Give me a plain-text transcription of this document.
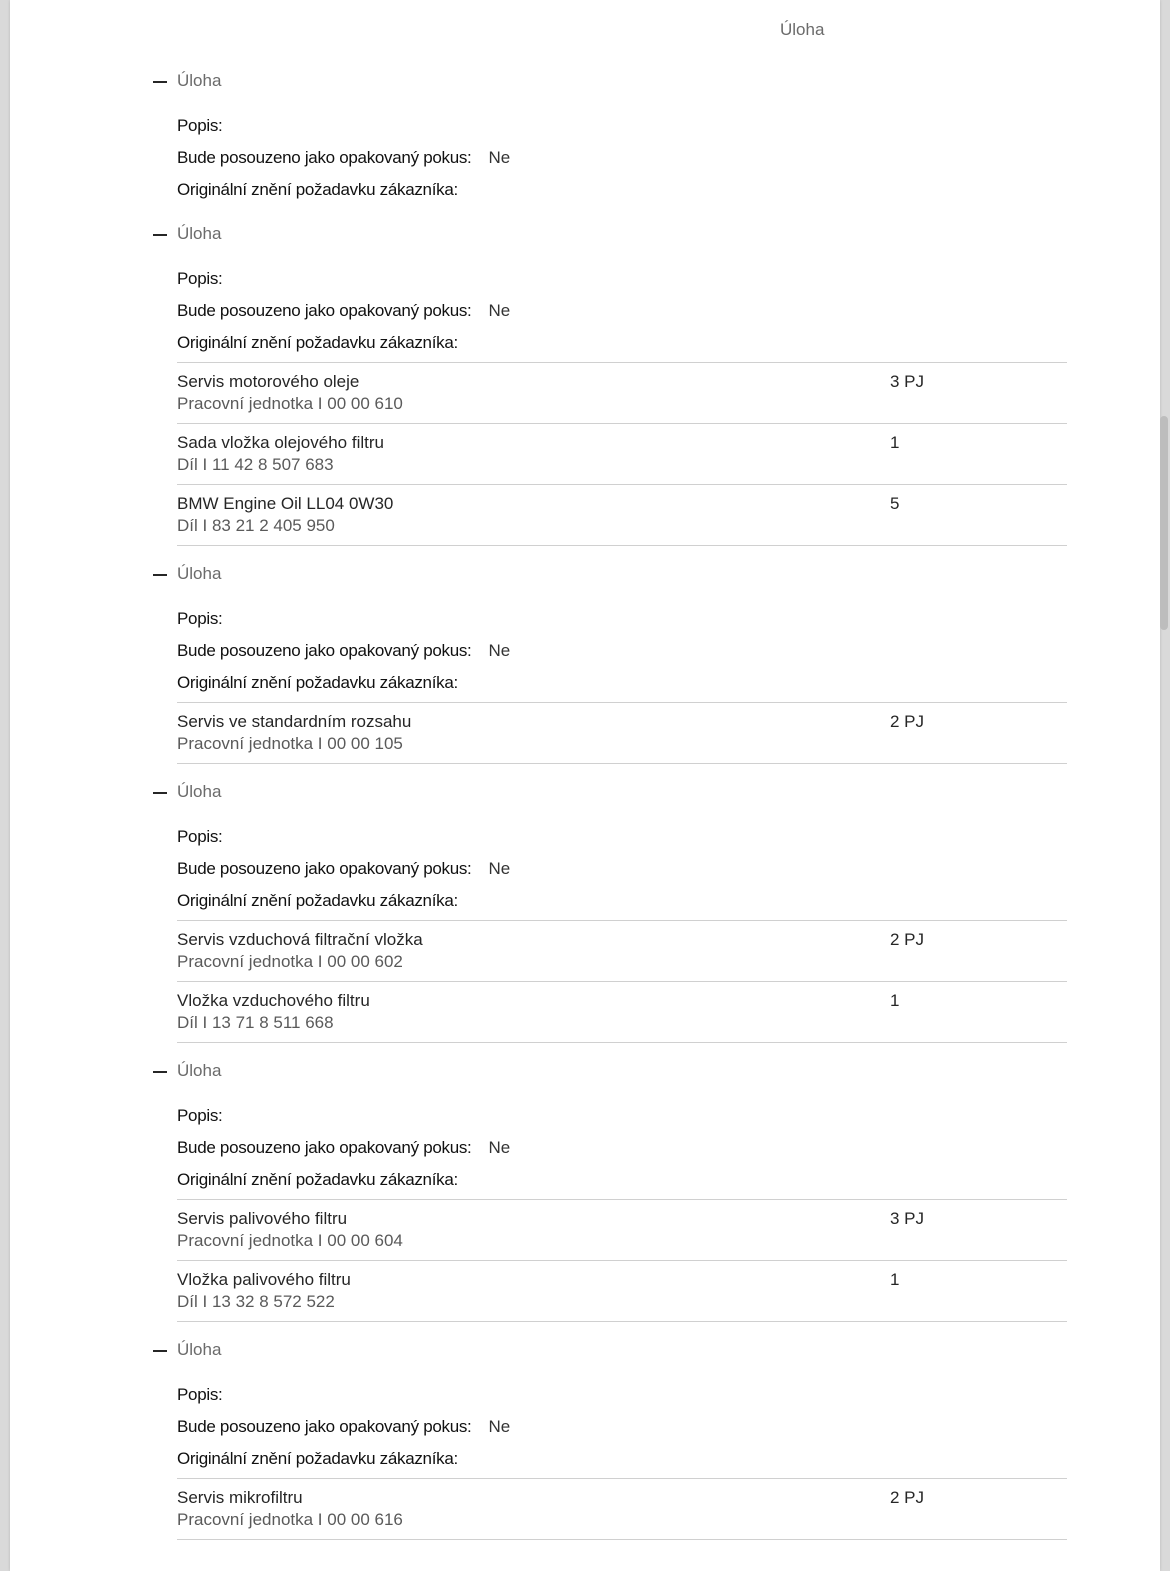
Úloha
Úloha
Popis:
Bude posouzeno jako opakovaný pokus: Ne
Originální znění požadavku zákazníka:
Úloha
Popis:
Bude posouzeno jako opakovaný pokus: Ne
Originální znění požadavku zákazníka:
Servis motorového oleje
Pracovní jednotka I 00 00 610
3 PJ
Sada vložka olejového filtru
Díl I 11 42 8 507 683
1
BMW Engine Oil LL04 0W30
Díl I 83 21 2 405 950
5
Úloha
Popis:
Bude posouzeno jako opakovaný pokus: Ne
Originální znění požadavku zákazníka:
Servis ve standardním rozsahu
Pracovní jednotka I 00 00 105
2 PJ
Úloha
Popis:
Bude posouzeno jako opakovaný pokus: Ne
Originální znění požadavku zákazníka:
Servis vzduchová filtrační vložka
Pracovní jednotka I 00 00 602
2 PJ
Vložka vzduchového filtru
Díl I 13 71 8 511 668
1
Úloha
Popis:
Bude posouzeno jako opakovaný pokus: Ne
Originální znění požadavku zákazníka:
Servis palivového filtru
Pracovní jednotka I 00 00 604
3 PJ
Vložka palivového filtru
Díl I 13 32 8 572 522
1
Úloha
Popis:
Bude posouzeno jako opakovaný pokus: Ne
Originální znění požadavku zákazníka:
Servis mikrofiltru
Pracovní jednotka I 00 00 616
2 PJ
